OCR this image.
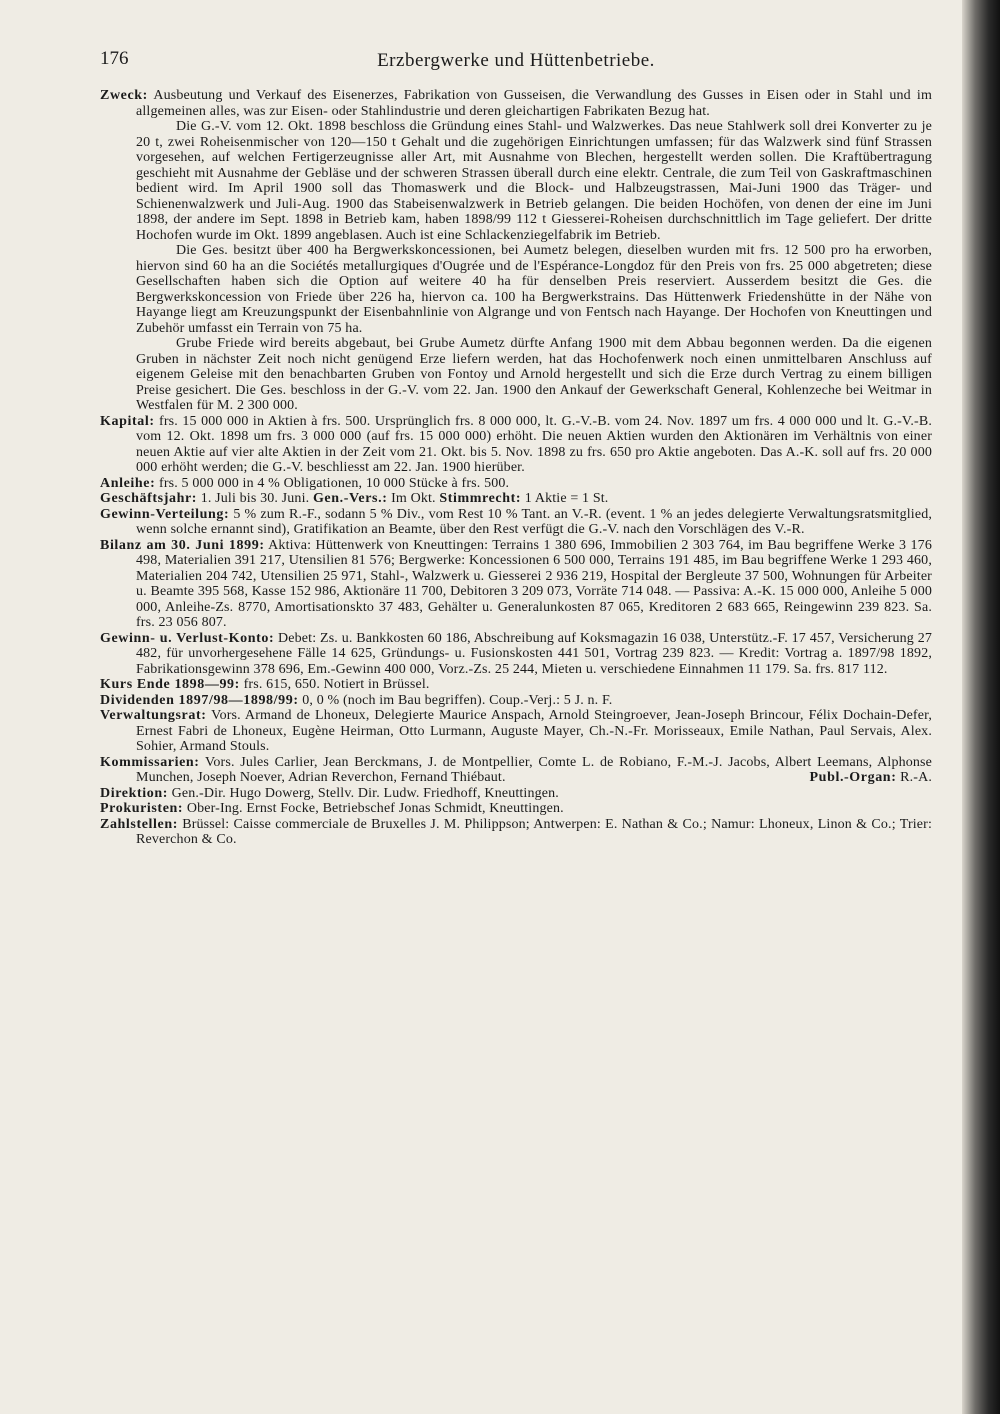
176	Erzbergwerke und Hüttenbetriebe.

Zweck: Ausbeutung und Verkauf des Eisenerzes, Fabrikation von Gusseisen, die Verwandlung des Gusses in Eisen oder in Stahl und im allgemeinen alles, was zur Eisen- oder Stahlindustrie und deren gleichartigen Fabrikaten Bezug hat.

Die G.-V. vom 12. Okt. 1898 beschloss die Gründung eines Stahl- und Walzwerkes. Das neue Stahlwerk soll drei Konverter zu je 20 t, zwei Roheisenmischer von 120—150 t Gehalt und die zugehörigen Einrichtungen umfassen; für das Walzwerk sind fünf Strassen vorgesehen, auf welchen Fertigerzeugnisse aller Art, mit Ausnahme von Blechen, hergestellt werden sollen. Die Kraftübertragung geschieht mit Ausnahme der Gebläse und der schweren Strassen überall durch eine elektr. Centrale, die zum Teil von Gaskraftmaschinen bedient wird. Im April 1900 soll das Thomaswerk und die Block- und Halbzeugstrassen, Mai-Juni 1900 das Träger- und Schienenwalzwerk und Juli-Aug. 1900 das Stabeisenwalzwerk in Betrieb gelangen. Die beiden Hochöfen, von denen der eine im Juni 1898, der andere im Sept. 1898 in Betrieb kam, haben 1898/99 112 t Giesserei-Roheisen durchschnittlich im Tage geliefert. Der dritte Hochofen wurde im Okt. 1899 angeblasen. Auch ist eine Schlackenziegelfabrik im Betrieb.

Die Ges. besitzt über 400 ha Bergwerkskoncessionen, bei Aumetz belegen, dieselben wurden mit frs. 12 500 pro ha erworben, hiervon sind 60 ha an die Sociétés metallurgiques d'Ougrée und de l'Espérance-Longdoz für den Preis von frs. 25 000 abgetreten; diese Gesellschaften haben sich die Option auf weitere 40 ha für denselben Preis reserviert. Ausserdem besitzt die Ges. die Bergwerkskoncession von Friede über 226 ha, hiervon ca. 100 ha Bergwerkstrains. Das Hüttenwerk Friedenshütte in der Nähe von Hayange liegt am Kreuzungspunkt der Eisenbahnlinie von Algrange und von Fentsch nach Hayange. Der Hochofen von Kneuttingen und Zubehör umfasst ein Terrain von 75 ha.

Grube Friede wird bereits abgebaut, bei Grube Aumetz dürfte Anfang 1900 mit dem Abbau begonnen werden. Da die eigenen Gruben in nächster Zeit noch nicht genügend Erze liefern werden, hat das Hochofenwerk noch einen unmittelbaren Anschluss auf eigenem Geleise mit den benachbarten Gruben von Fontoy und Arnold hergestellt und sich die Erze durch Vertrag zu einem billigen Preise gesichert. Die Ges. beschloss in der G.-V. vom 22. Jan. 1900 den Ankauf der Gewerkschaft General, Kohlenzeche bei Weitmar in Westfalen für M. 2 300 000.

Kapital: frs. 15 000 000 in Aktien à frs. 500. Ursprünglich frs. 8 000 000, lt. G.-V.-B. vom 24. Nov. 1897 um frs. 4 000 000 und lt. G.-V.-B. vom 12. Okt. 1898 um frs. 3 000 000 (auf frs. 15 000 000) erhöht. Die neuen Aktien wurden den Aktionären im Verhältnis von einer neuen Aktie auf vier alte Aktien in der Zeit vom 21. Okt. bis 5. Nov. 1898 zu frs. 650 pro Aktie angeboten. Das A.-K. soll auf frs. 20 000 000 erhöht werden; die G.-V. beschliesst am 22. Jan. 1900 hierüber.

Anleihe: frs. 5 000 000 in 4 % Obligationen, 10 000 Stücke à frs. 500.

Geschäftsjahr: 1. Juli bis 30. Juni. Gen.-Vers.: Im Okt. Stimmrecht: 1 Aktie = 1 St.

Gewinn-Verteilung: 5 % zum R.-F., sodann 5 % Div., vom Rest 10 % Tant. an V.-R. (event. 1 % an jedes delegierte Verwaltungsratsmitglied, wenn solche ernannt sind), Gratifikation an Beamte, über den Rest verfügt die G.-V. nach den Vorschlägen des V.-R.

Bilanz am 30. Juni 1899: Aktiva: Hüttenwerk von Kneuttingen: Terrains 1 380 696, Immobilien 2 303 764, im Bau begriffene Werke 3 176 498, Materialien 391 217, Utensilien 81 576; Bergwerke: Koncessionen 6 500 000, Terrains 191 485, im Bau begriffene Werke 1 293 460, Materialien 204 742, Utensilien 25 971, Stahl-, Walzwerk u. Giesserei 2 936 219, Hospital der Bergleute 37 500, Wohnungen für Arbeiter u. Beamte 395 568, Kasse 152 986, Aktionäre 11 700, Debitoren 3 209 073, Vorräte 714 048. — Passiva: A.-K. 15 000 000, Anleihe 5 000 000, Anleihe-Zs. 8770, Amortisationskto 37 483, Gehälter u. Generalunkosten 87 065, Kreditoren 2 683 665, Reingewinn 239 823. Sa. frs. 23 056 807.

Gewinn- u. Verlust-Konto: Debet: Zs. u. Bankkosten 60 186, Abschreibung auf Koksmagazin 16 038, Unterstütz.-F. 17 457, Versicherung 27 482, für unvorhergesehene Fälle 14 625, Gründungs- u. Fusionskosten 441 501, Vortrag 239 823. — Kredit: Vortrag a. 1897/98 1892, Fabrikationsgewinn 378 696, Em.-Gewinn 400 000, Vorz.-Zs. 25 244, Mieten u. verschiedene Einnahmen 11 179. Sa. frs. 817 112.

Kurs Ende 1898—99: frs. 615, 650. Notiert in Brüssel.

Dividenden 1897/98—1898/99: 0, 0 % (noch im Bau begriffen). Coup.-Verj.: 5 J. n. F.

Verwaltungsrat: Vors. Armand de Lhoneux, Delegierte Maurice Anspach, Arnold Steingroever, Jean-Joseph Brincour, Félix Dochain-Defer, Ernest Fabri de Lhoneux, Eugène Heirman, Otto Lurmann, Auguste Mayer, Ch.-N.-Fr. Morisseaux, Emile Nathan, Paul Servais, Alex. Sohier, Armand Stouls.

Kommissarien: Vors. Jules Carlier, Jean Berckmans, J. de Montpellier, Comte L. de Robiano, F.-M.-J. Jacobs, Albert Leemans, Alphonse Munchen, Joseph Noever, Adrian Reverchon, Fernand Thiébaut.	Publ.-Organ: R.-A.

Direktion: Gen.-Dir. Hugo Dowerg, Stellv. Dir. Ludw. Friedhoff, Kneuttingen.

Prokuristen: Ober-Ing. Ernst Focke, Betriebschef Jonas Schmidt, Kneuttingen.

Zahlstellen: Brüssel: Caisse commerciale de Bruxelles J. M. Philippson; Antwerpen: E. Nathan & Co.; Namur: Lhoneux, Linon & Co.; Trier: Reverchon & Co.
